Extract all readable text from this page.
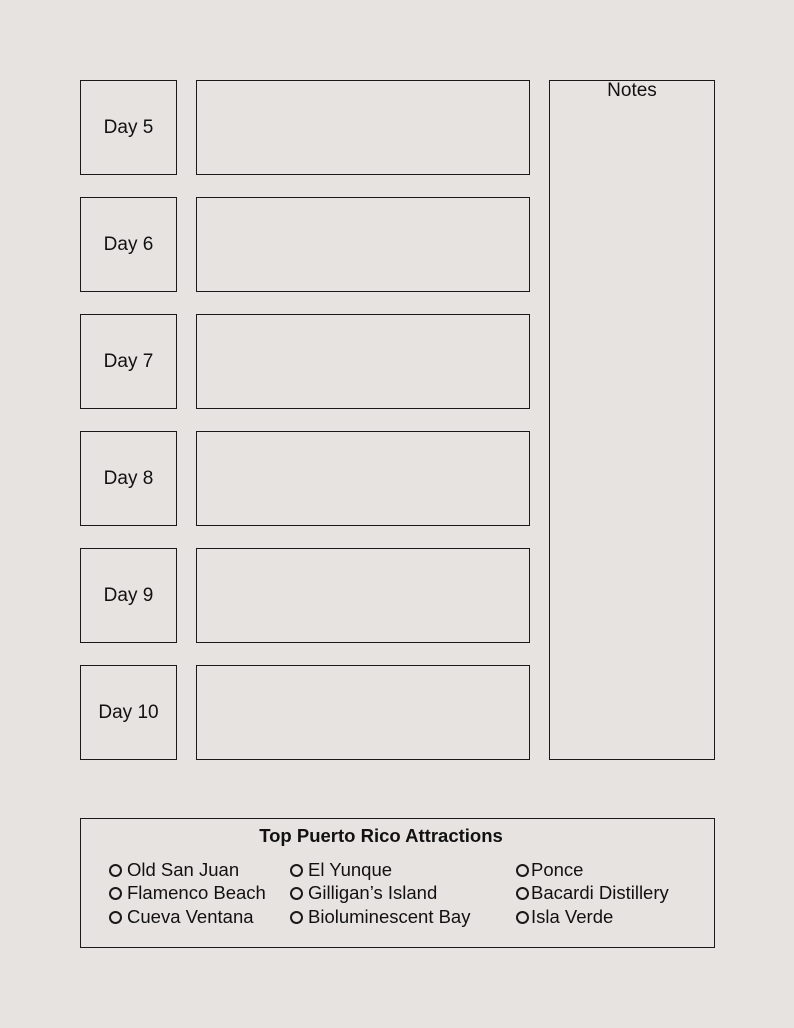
Day 5
Day 6
Day 7
Day 8
Day 9
Day 10
Notes
Top Puerto Rico Attractions
Old San Juan
Flamenco Beach
Cueva Ventana
El Yunque
Gilligan’s Island
Bioluminescent Bay
Ponce
Bacardi Distillery
Isla Verde
